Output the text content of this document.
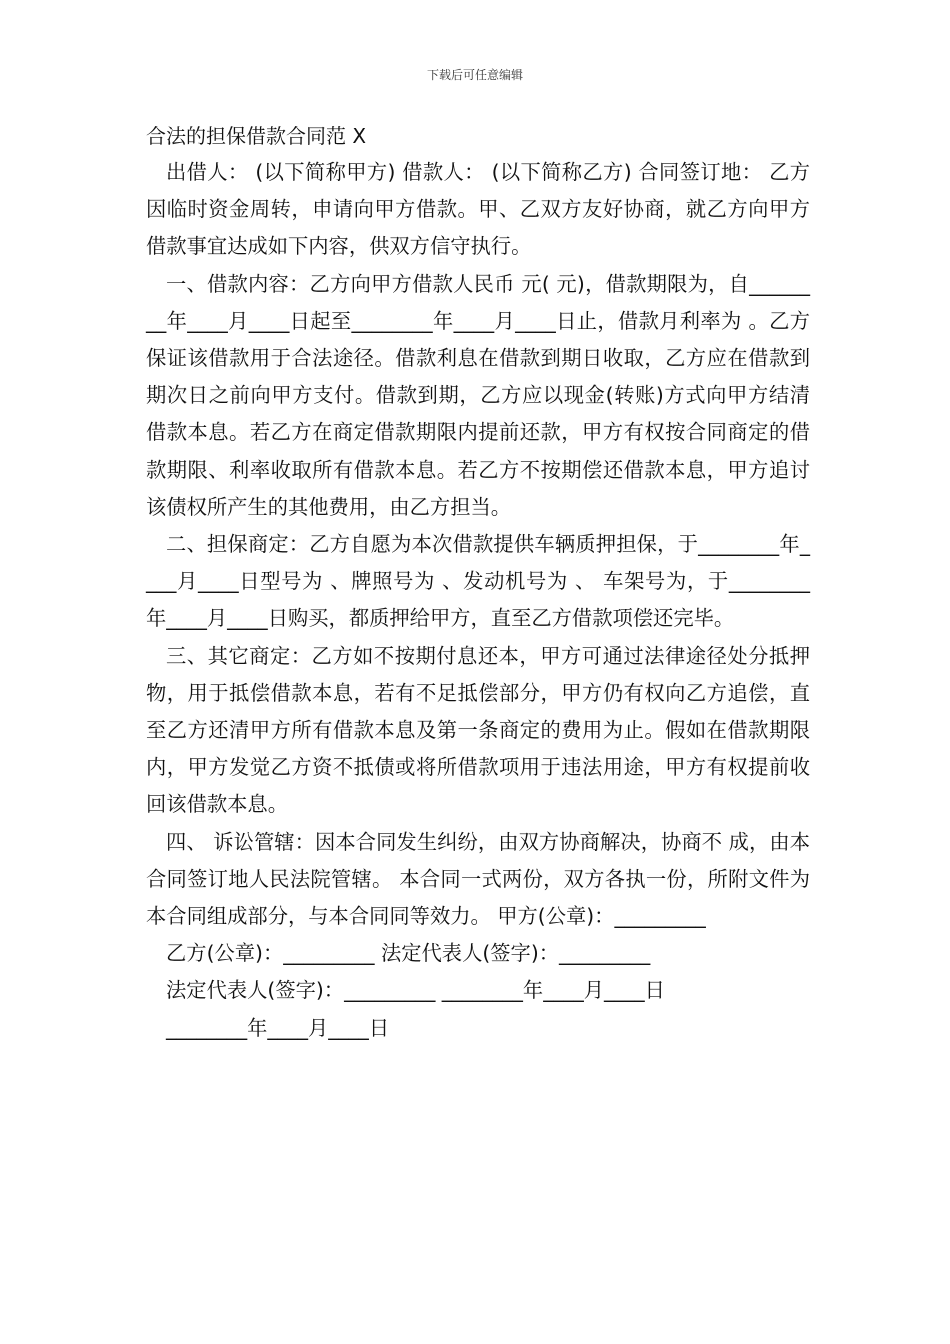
下载后可任意编辑
合法的担保借款合同范 X

出借人： (以下简称甲方) 借款人： (以下简称乙方) 合同签订地： 乙方因临时资金周转，申请向甲方借款。甲、乙双方友好协商，就乙方向甲方借款事宜达成如下内容，供双方信守执行。

一、借款内容：乙方向甲方借款人民币 元( 元)，借款期限为，自________年____月____日起至________年____月____日止，借款月利率为 。乙方保证该借款用于合法途径。借款利息在借款到期日收取，乙方应在借款到期次日之前向甲方支付。借款到期，乙方应以现金(转账)方式向甲方结清借款本息。若乙方在商定借款期限内提前还款，甲方有权按合同商定的借款期限、利率收取所有借款本息。若乙方不按期偿还借款本息，甲方追讨该债权所产生的其他费用，由乙方担当。

二、担保商定：乙方自愿为本次借款提供车辆质押担保，于________年____月____日型号为 、牌照号为 、发动机号为 、 车架号为，于________年____月____日购买，都质押给甲方，直至乙方借款项偿还完毕。

三、其它商定：乙方如不按期付息还本，甲方可通过法律途径处分抵押物，用于抵偿借款本息，若有不足抵偿部分，甲方仍有权向乙方追偿，直至乙方还清甲方所有借款本息及第一条商定的费用为止。假如在借款期限内，甲方发觉乙方资不抵债或将所借款项用于违法用途，甲方有权提前收回该借款本息。

四、 诉讼管辖：因本合同发生纠纷，由双方协商解决，协商不 成，由本合同签订地人民法院管辖。 本合同一式两份，双方各执一份，所附文件为本合同组成部分，与本合同同等效力。 甲方(公章)：_________

乙方(公章)：_________ 法定代表人(签字)：_________
法定代表人(签字)：_________ ________年____月____日
________年____月____日
